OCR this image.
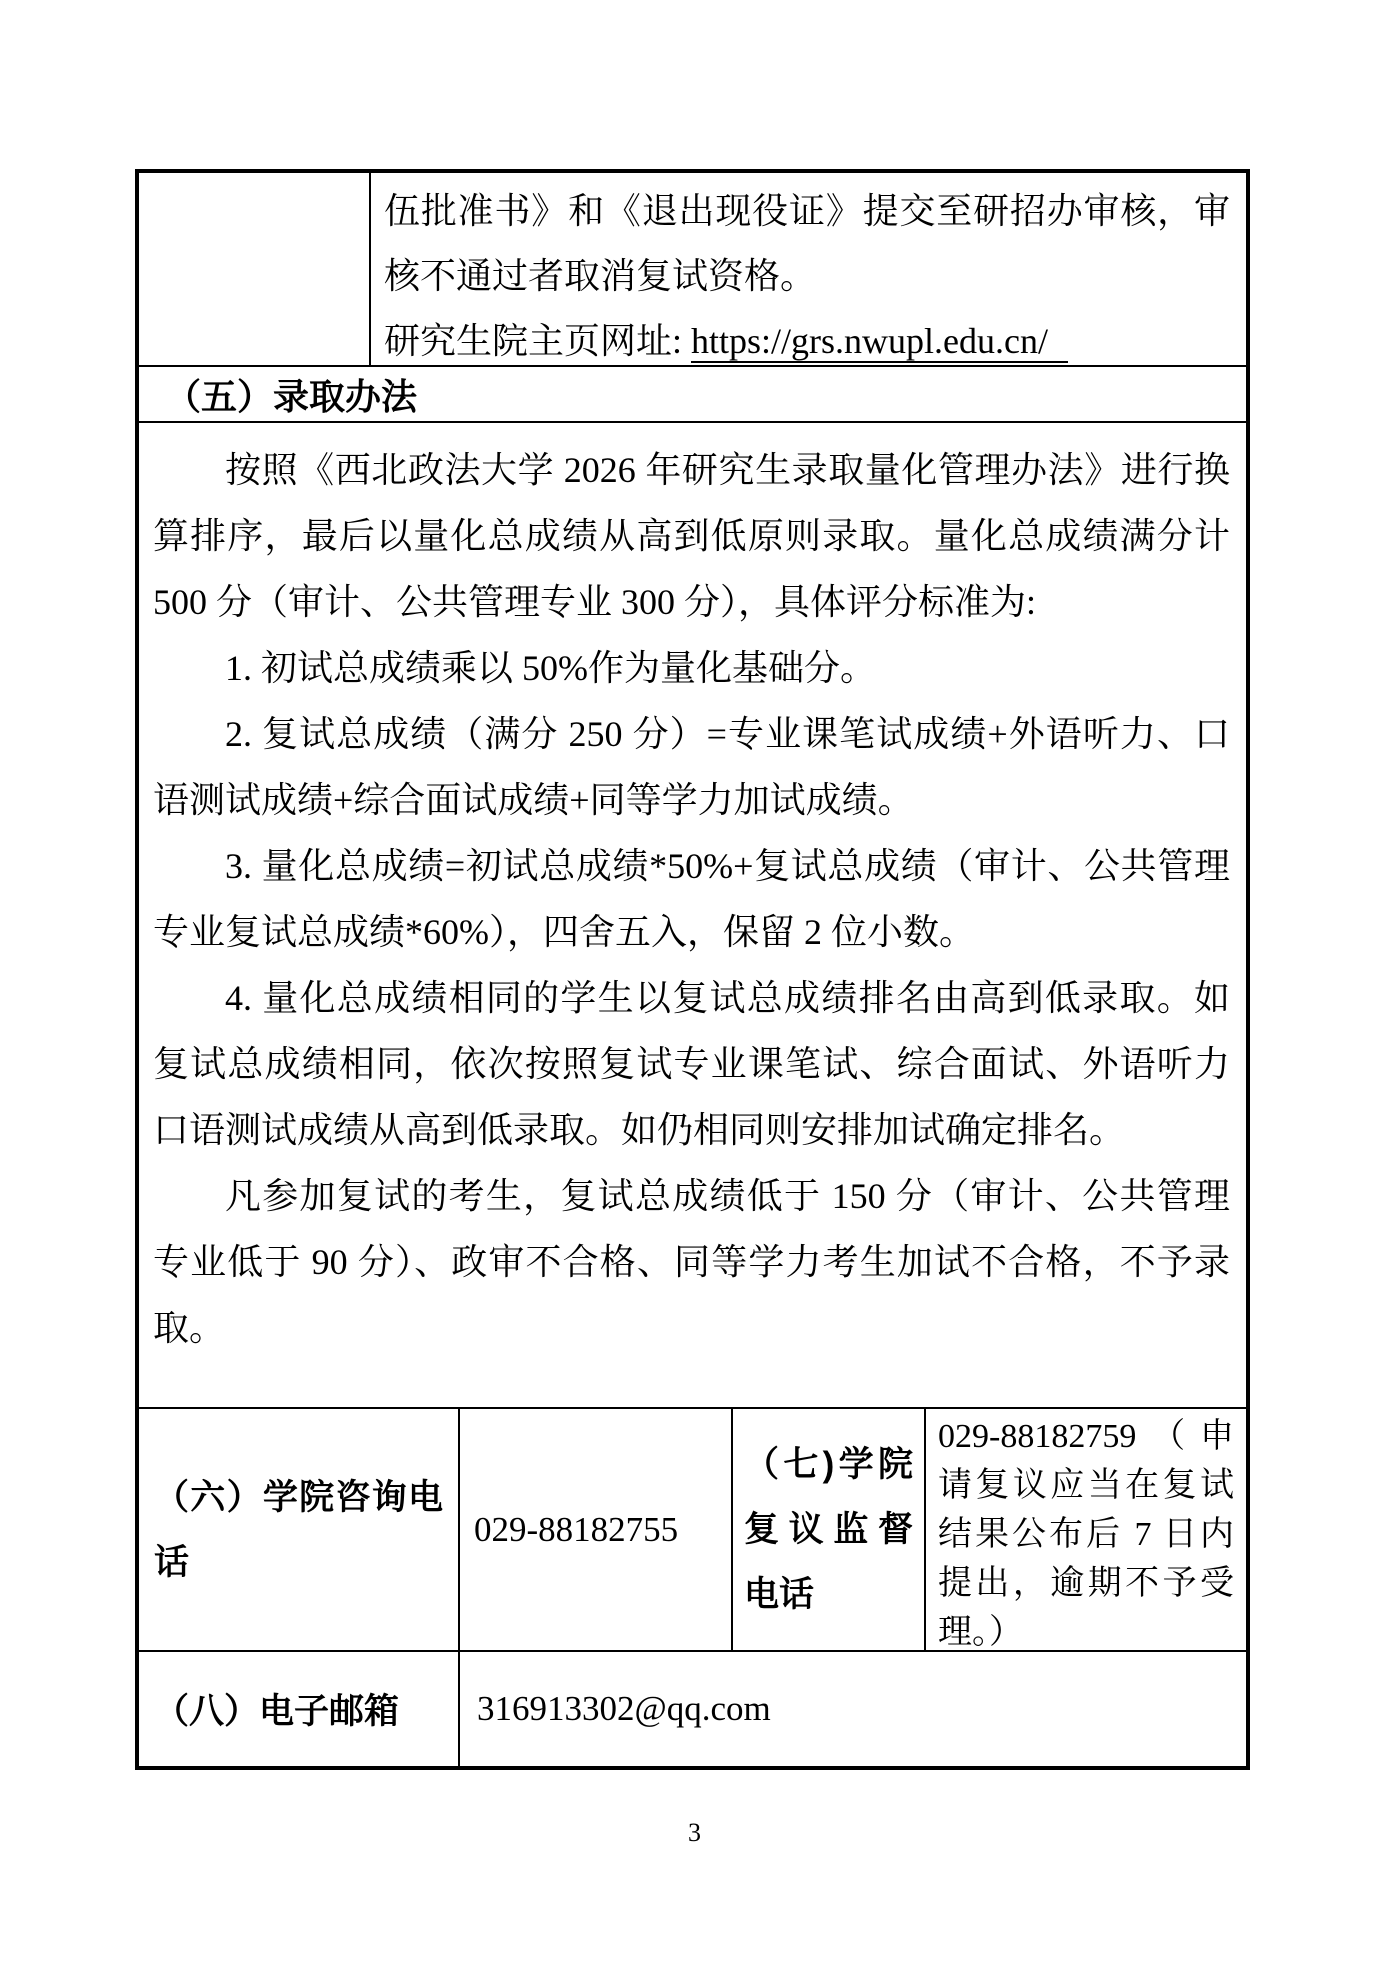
伍批准书》和《退出现役证》提交至研招办审核，审核不通过者取消复试资格。
研究生院主页网址: https://grs.nwupl.edu.cn/
（五）录取办法

按照《西北政法大学 2026 年研究生录取量化管理办法》进行换算排序，最后以量化总成绩从高到低原则录取。量化总成绩满分计 500 分（审计、公共管理专业 300 分），具体评分标准为:

1. 初试总成绩乘以 50%作为量化基础分。

2. 复试总成绩（满分 250 分）=专业课笔试成绩+外语听力、口语测试成绩+综合面试成绩+同等学力加试成绩。

3. 量化总成绩=初试总成绩*50%+复试总成绩（审计、公共管理专业复试总成绩*60%），四舍五入，保留 2 位小数。

4. 量化总成绩相同的学生以复试总成绩排名由高到低录取。如复试总成绩相同，依次按照复试专业课笔试、综合面试、外语听力口语测试成绩从高到低录取。如仍相同则安排加试确定排名。

凡参加复试的考生，复试总成绩低于 150 分（审计、公共管理专业低于 90 分）、政审不合格、同等学力考生加试不合格，不予录取。

（六）学院咨询电话
029-88182755
（七)学院复议监督电话
029-88182759（申请复议应当在复试结果公布后 7 日内提出，逾期不予受理。）
（八）电子邮箱 316913302@qq.com
3
